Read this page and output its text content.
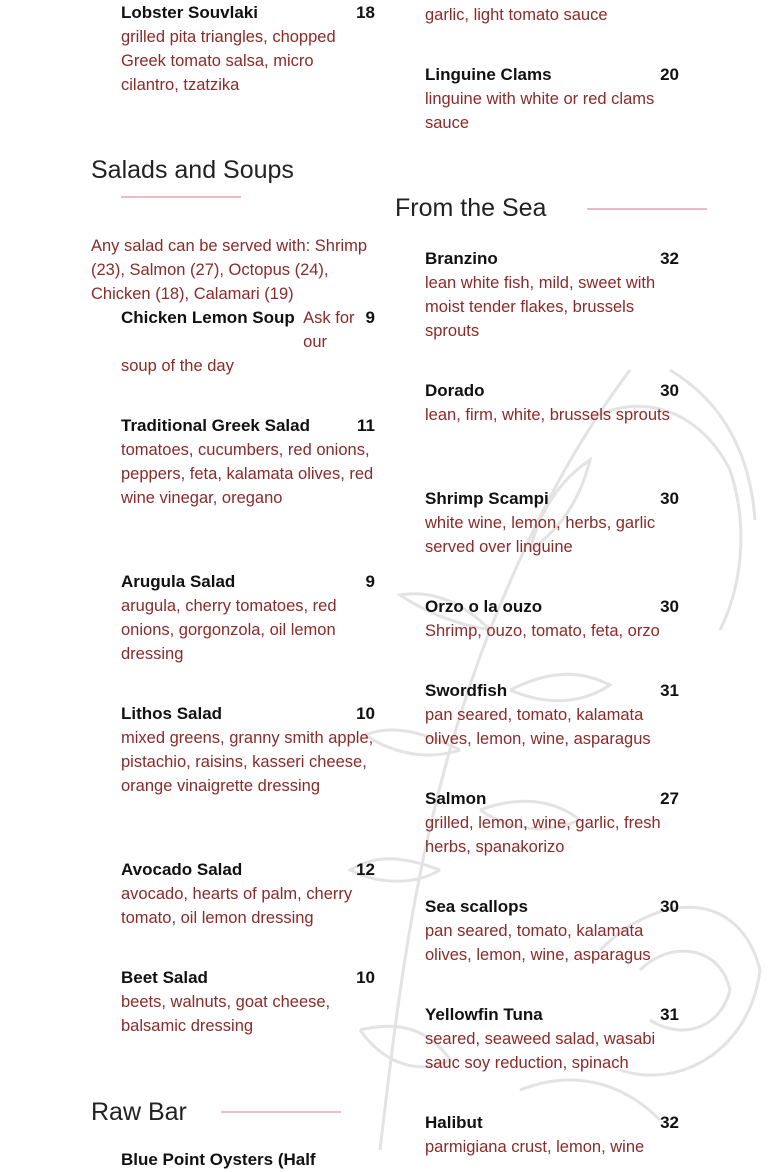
Lobster Souvlaki	18
grilled pita triangles, chopped Greek tomato salsa, micro cilantro, tzatzika
Salads and Soups
Any salad can be served with: Shrimp (23), Salmon (27), Octopus (24), Chicken (18), Calamari (19)
Chicken Lemon Soup Ask for our
9
soup of the day
Traditional Greek Salad	11
tomatoes, cucumbers, red onions, peppers, feta, kalamata olives, red wine vinegar, oregano
Arugula Salad	9
arugula, cherry tomatoes, red onions, gorgonzola, oil lemon dressing
Lithos Salad	10
mixed greens, granny smith apple, pistachio, raisins, kasseri cheese, orange vinaigrette dressing
Avocado Salad	12
avocado, hearts of palm, cherry tomato, oil lemon dressing
Beet Salad	10
beets, walnuts, goat cheese, balsamic dressing
Raw Bar
Blue Point Oysters (Half
garlic, light tomato sauce
Linguine Clams	20
linguine with white or red clams sauce
From the Sea
Branzino	32
lean white fish, mild, sweet with moist tender flakes, brussels sprouts
Dorado	30
lean, firm, white, brussels sprouts
Shrimp Scampi	30
white wine, lemon, herbs, garlic served over linguine
Orzo o la ouzo	30
Shrimp, ouzo, tomato, feta, orzo
Swordfish	31
pan seared, tomato, kalamata olives, lemon, wine, asparagus
Salmon	27
grilled, lemon, wine, garlic, fresh herbs, spanakorizo
Sea scallops	30
pan seared, tomato, kalamata olives, lemon, wine, asparagus
Yellowfin Tuna	31
seared, seaweed salad, wasabi sauc soy reduction, spinach
Halibut	32
parmigiana crust, lemon, wine
